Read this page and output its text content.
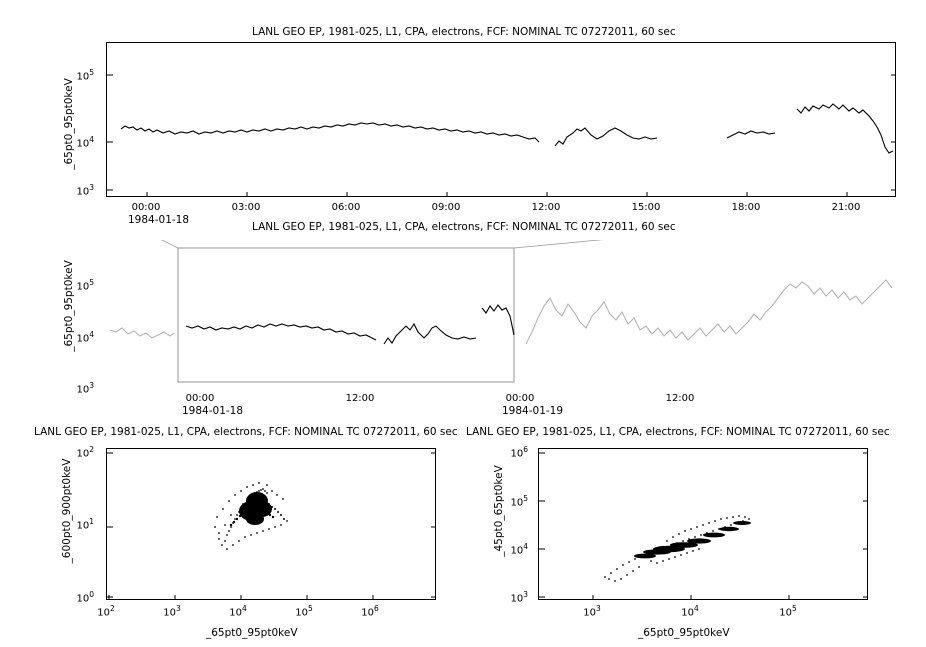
LANL GEO EP, 1981-025, L1, CPA, electrons, FCF: NOMINAL TC 07272011, 60 sec
_65pt0_95pt0keV
$10^5$
$10^4$
$10^3$
00:00	03:00	06:00	09:00	12:00	15:00	18:00	21:00
1984-01-18
LANL GEO EP, 1981-025, L1, CPA, electrons, FCF: NOMINAL TC 07272011, 60 sec
_65pt0_95pt0keV $10^5$
$10^4$
$10^3$
00:00	12:00	00:00	12:00
1984-01-18	1984-01-19
LANL GEO EP, 1981-025, L1, CPA, electrons, FCF: NOMINAL TC 07272011, 60 sec
_600pt0_900pt0keV
$10^2$
$10^1$
$10^0$
$10^2$	$10^3$	$10^4$	$10^5$	$10^6$
_65pt0_95pt0keV
LANL GEO EP, 1981-025, L1, CPA, electrons, FCF: NOMINAL TC 07272011, 60 sec
_45pt0_65pt0keV
$10^6$
$10^5$
$10^4$
$10^3$
$10^3$	$10^4$	$10^5$
_65pt0_95pt0keV
